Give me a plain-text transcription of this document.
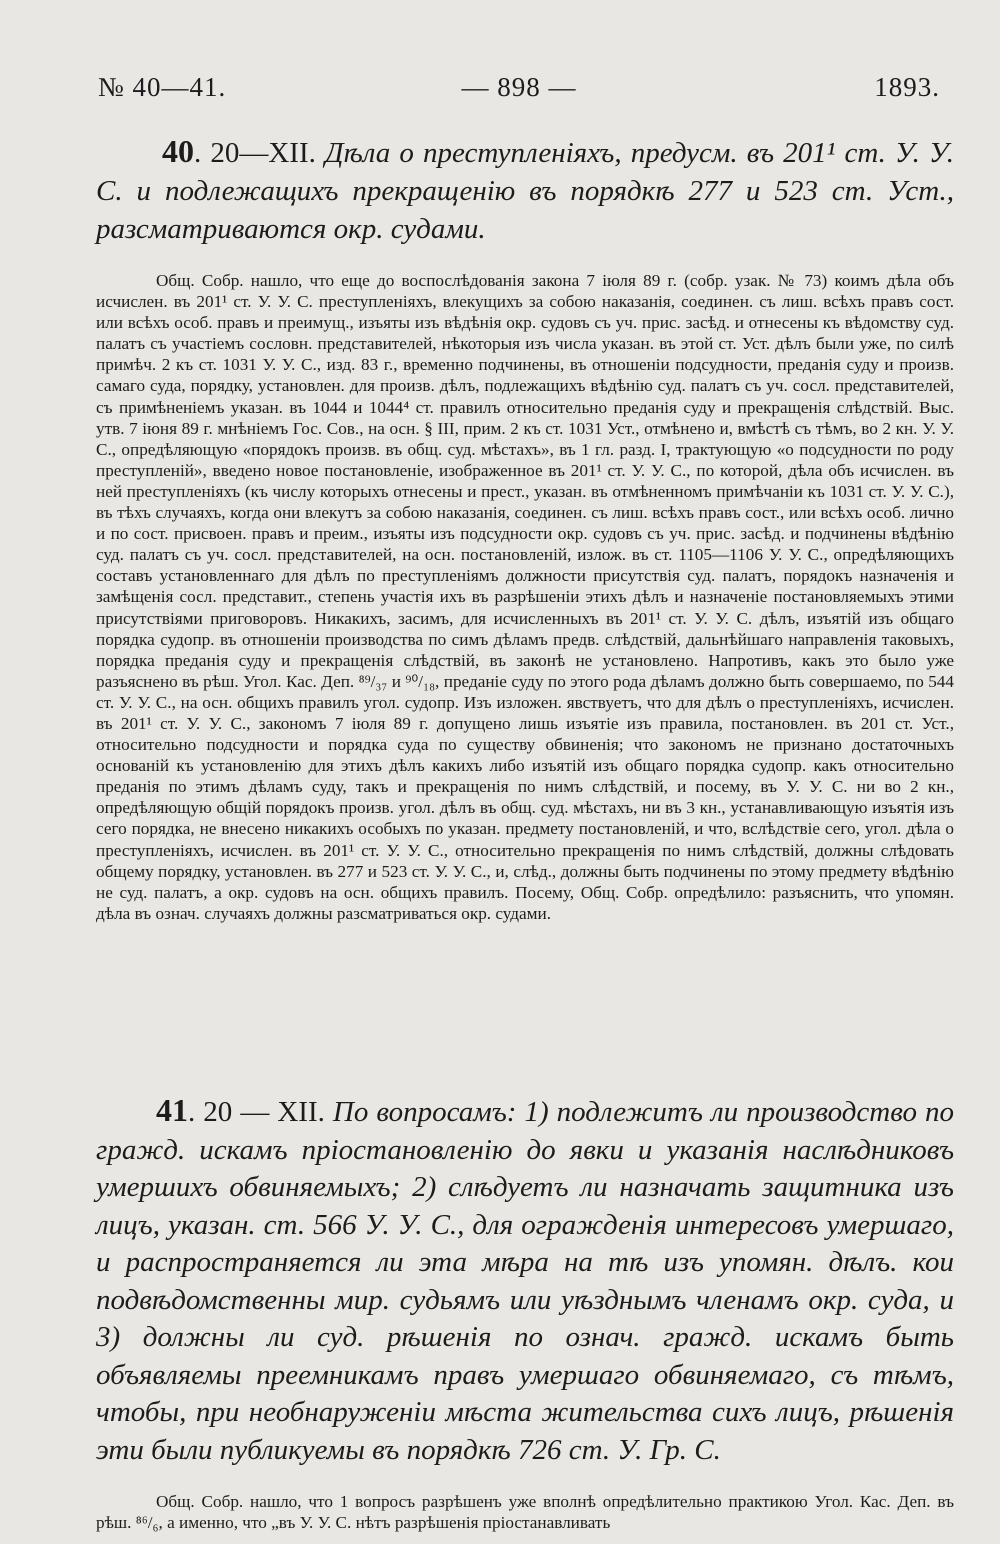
№ 40—41.	— 898 —	1893.

40. 20—XII. Дѣла о преступленіяхъ, предусм. въ 201¹ ст. У. У. С. и подлежащихъ прекращенію въ порядкѣ 277 и 523 ст. Уст., разсматриваются окр. судами.

Общ. Собр. нашло, что еще до воспослѣдованія закона 7 іюля 89 г. (собр. узак. № 73) коимъ дѣла объ исчислен. въ 201¹ ст. У. У. С. преступленіяхъ, влекущихъ за собою наказанія, соединен. съ лиш. всѣхъ правъ сост. или всѣхъ особ. правъ и преимущ., изъяты изъ вѣдѣнія окр. судовъ съ уч. прис. засѣд. и отнесены къ вѣдомству суд. палатъ съ участіемъ сословн. представителей, нѣкоторыя изъ числа указан. въ этой ст. Уст. дѣлъ были уже, по силѣ примѣч. 2 къ ст. 1031 У. У. С., изд. 83 г., временно подчинены, въ отношеніи подсудности, преданія суду и произв. самаго суда, порядку, установлен. для произв. дѣлъ, подлежащихъ вѣдѣнію суд. палатъ съ уч. сосл. представителей, съ примѣненіемъ указан. въ 1044 и 1044⁴ ст. правилъ относительно преданія суду и прекращенія слѣдствій. Выс. утв. 7 іюня 89 г. мнѣніемъ Гос. Сов., на осн. § III, прим. 2 къ ст. 1031 Уст., отмѣнено и, вмѣстѣ съ тѣмъ, во 2 кн. У. У. С., опредѣляющую «порядокъ произв. въ общ. суд. мѣстахъ», въ 1 гл. разд. I, трактующую «о подсудности по роду преступленій», введено новое постановленіе, изображенное въ 201¹ ст. У. У. С., по которой, дѣла объ исчислен. въ ней преступленіяхъ (къ числу которыхъ отнесены и прест., указан. въ отмѣненномъ примѣчаніи къ 1031 ст. У. У. С.), въ тѣхъ случаяхъ, когда они влекутъ за собою наказанія, соединен. съ лиш. всѣхъ правъ сост., или всѣхъ особ. лично и по сост. присвоен. правъ и преим., изъяты изъ подсудности окр. судовъ съ уч. прис. засѣд. и подчинены вѣдѣнію суд. палатъ съ уч. сосл. представителей, на осн. постановленій, излож. въ ст. 1105—1106 У. У. С., опредѣляющихъ составъ установленнаго для дѣлъ по преступленіямъ должности присутствія суд. палатъ, порядокъ назначенія и замѣщенія сосл. представит., степень участія ихъ въ разрѣшеніи этихъ дѣлъ и назначеніе постановляемыхъ этими присутствіями приговоровъ. Никакихъ, засимъ, для исчисленныхъ въ 201¹ ст. У. У. С. дѣлъ, изъятій изъ общаго порядка судопр. въ отношеніи производства по симъ дѣламъ предв. слѣдствій, дальнѣйшаго направленія таковыхъ, порядка преданія суду и прекращенія слѣдствій, въ законѣ не установлено. Напротивъ, какъ это было уже разъяснено въ рѣш. Угол. Кас. Деп. ⁸⁹/₃₇ и ⁹⁰/₁₈, преданіе суду по этого рода дѣламъ должно быть совершаемо, по 544 ст. У. У. С., на осн. общихъ правилъ угол. судопр. Изъ изложен. явствуетъ, что для дѣлъ о преступленіяхъ, исчислен. въ 201¹ ст. У. У. С., закономъ 7 іюля 89 г. допущено лишь изъятіе изъ правила, постановлен. въ 201 ст. Уст., относительно подсудности и порядка суда по существу обвиненія; что закономъ не признано достаточныхъ основаній къ установленію для этихъ дѣлъ какихъ либо изъятій изъ общаго порядка судопр. какъ относительно преданія по этимъ дѣламъ суду, такъ и прекращенія по нимъ слѣдствій, и посему, въ У. У. С. ни во 2 кн., опредѣляющую общій порядокъ произв. угол. дѣлъ въ общ. суд. мѣстахъ, ни въ 3 кн., устанавливающую изъятія изъ сего порядка, не внесено никакихъ особыхъ по указан. предмету постановленій, и что, вслѣдствіе сего, угол. дѣла о преступленіяхъ, исчислен. въ 201¹ ст. У. У. С., относительно прекращенія по нимъ слѣдствій, должны слѣдовать общему порядку, установлен. въ 277 и 523 ст. У. У. С., и, слѣд., должны быть подчинены по этому предмету вѣдѣнію не суд. палатъ, а окр. судовъ на осн. общихъ правилъ. Посему, Общ. Собр. опредѣлило: разъяснить, что упомян. дѣла въ означ. случаяхъ должны разсматриваться окр. судами.

41. 20 — XII. По вопросамъ: 1) подлежитъ ли производство по гражд. искамъ пріостановленію до явки и указанія наслѣдниковъ умершихъ обвиняемыхъ; 2) слѣдуетъ ли назначать защитника изъ лицъ, указан. ст. 566 У. У. С., для огражденія интересовъ умершаго, и распространяется ли эта мѣра на тѣ изъ упомян. дѣлъ. кои подвѣдомственны мир. судьямъ или уѣзднымъ членамъ окр. суда, и 3) должны ли суд. рѣшенія по означ. гражд. искамъ быть объявляемы преемникамъ правъ умершаго обвиняемаго, съ тѣмъ, чтобы, при необнаруженіи мѣста жительства сихъ лицъ, рѣшенія эти были публикуемы въ порядкѣ 726 ст. У. Гр. С.

Общ. Собр. нашло, что 1 вопросъ разрѣшенъ уже вполнѣ опредѣлительно практикою Угол. Кас. Деп. въ рѣш. ⁸⁶/₆, а именно, что „въ У. У. С. нѣтъ разрѣшенія пріостанавливать
